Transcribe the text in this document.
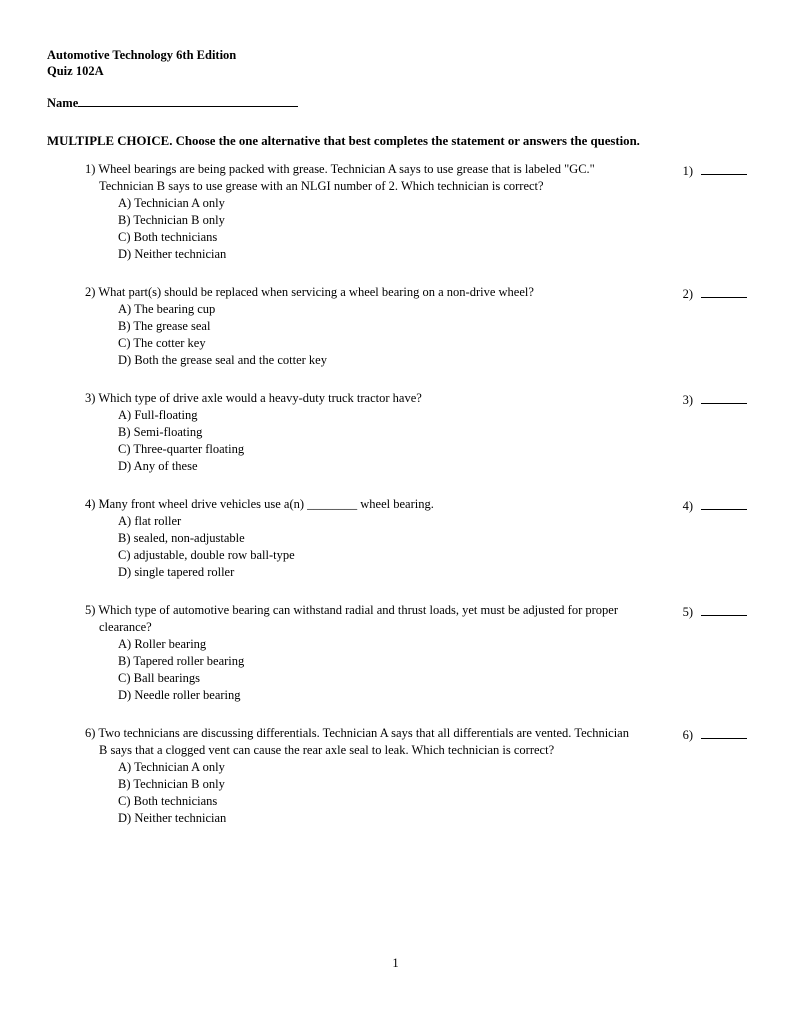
Automotive Technology 6th Edition
Quiz 102A
Name
MULTIPLE CHOICE. Choose the one alternative that best completes the statement or answers the question.

1) Wheel bearings are being packed with grease. Technician A says to use grease that is labeled "GC." Technician B says to use grease with an NLGI number of 2. Which technician is correct?

A) Technician A only
B) Technician B only
C) Both technicians
D) Neither technician
1)

2) What part(s) should be replaced when servicing a wheel bearing on a non-drive wheel?

A) The bearing cup
B) The grease seal
C) The cotter key
D) Both the grease seal and the cotter key
2)

3) Which type of drive axle would a heavy-duty truck tractor have?

A) Full-floating
B) Semi-floating
C) Three-quarter floating
D) Any of these
3)

4) Many front wheel drive vehicles use a(n) ________ wheel bearing.

A) flat roller
B) sealed, non-adjustable
C) adjustable, double row ball-type
D) single tapered roller
4)

5) Which type of automotive bearing can withstand radial and thrust loads, yet must be adjusted for proper clearance?

A) Roller bearing
B) Tapered roller bearing
C) Ball bearings
D) Needle roller bearing
5)

6) Two technicians are discussing differentials. Technician A says that all differentials are vented. Technician B says that a clogged vent can cause the rear axle seal to leak. Which technician is correct?

A) Technician A only
B) Technician B only
C) Both technicians
D) Neither technician
6)
1
